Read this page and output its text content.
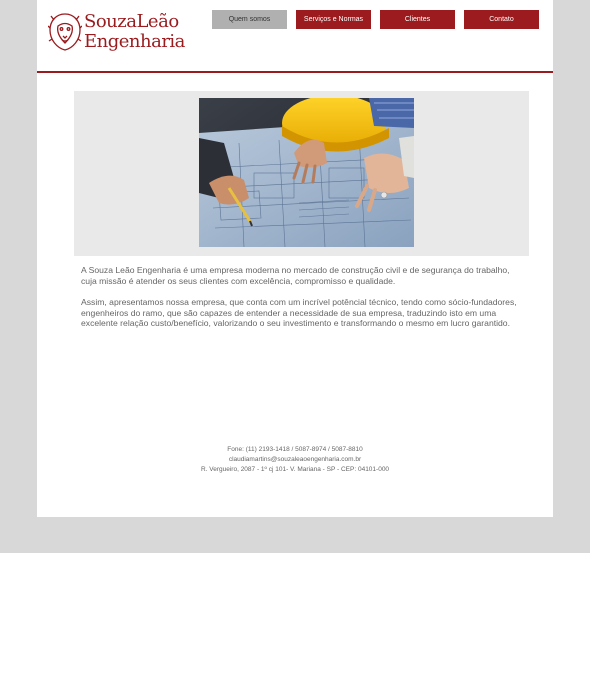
SouzaLeão
Engenharia
Quem somos	Serviços e Normas	Clientes	Contato

A Souza Leão Engenharia é uma empresa moderna no mercado de construção civil e de segurança do trabalho, cuja missão é atender os seus clientes com excelência, compromisso e qualidade.

Assim, apresentamos nossa empresa, que conta com um incrível potêncial técnico, tendo como sócio-fundadores, engenheiros do ramo, que são capazes de entender a necessidade de sua empresa, traduzindo isto em uma excelente relação custo/benefício, valorizando o seu investimento e transformando o mesmo em lucro garantido.

Fone: (11) 2193-1418 / 5087-8974 / 5087-8810
claudiamartins@souzaleaoengenharia.com.br
R. Vergueiro, 2087 - 1º cj 101- V. Mariana - SP - CEP: 04101-000
